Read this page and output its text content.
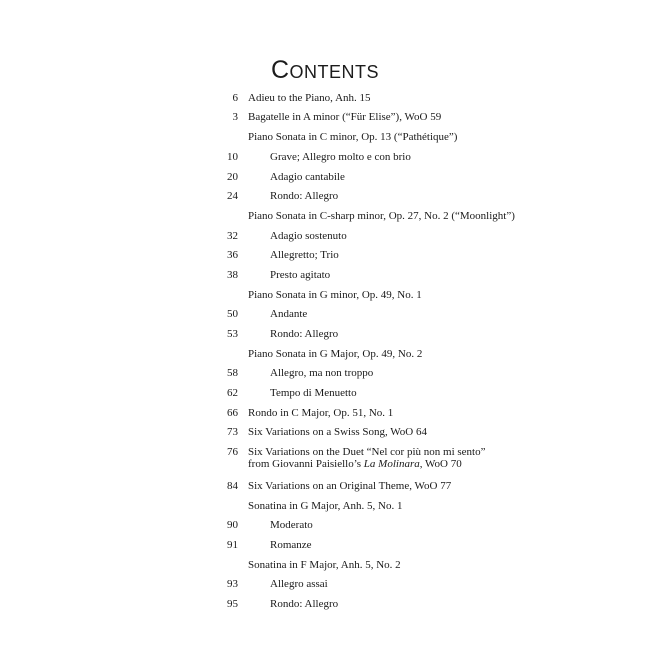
Contents
6 Adieu to the Piano, Anh. 15
3 Bagatelle in A minor (“Für Elise”), WoO 59
Piano Sonata in C minor, Op. 13 (“Pathétique”)
10	Grave; Allegro molto e con brio
20	Adagio cantabile
24	Rondo: Allegro
Piano Sonata in C-sharp minor, Op. 27, No. 2 (“Moonlight”)
32	Adagio sostenuto
36	Allegretto; Trio
38	Presto agitato
Piano Sonata in G minor, Op. 49, No. 1
50	Andante
53	Rondo: Allegro
Piano Sonata in G Major, Op. 49, No. 2
58	Allegro, ma non troppo
62	Tempo di Menuetto
66 Rondo in C Major, Op. 51, No. 1
73 Six Variations on a Swiss Song, WoO 64
76 Six Variations on the Duet “Nel cor più non mi sento”
from Giovanni Paisiello’s La Molinara, WoO 70
84 Six Variations on an Original Theme, WoO 77
Sonatina in G Major, Anh. 5, No. 1
90	Moderato
91	Romanze
Sonatina in F Major, Anh. 5, No. 2
93	Allegro assai
95	Rondo: Allegro
